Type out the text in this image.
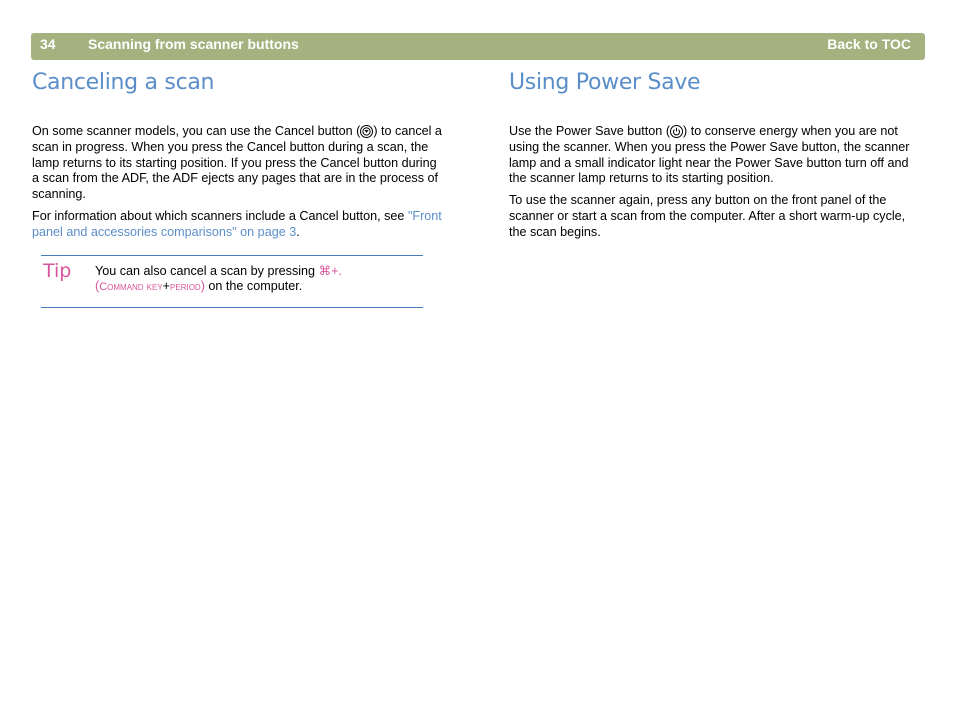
34 Scanning from scanner buttons	Back to TOC
Canceling a scan

On some scanner models, you can use the Cancel button ( ) to cancel a scan in progress. When you press the Cancel button during a scan, the lamp returns to its starting position. If you press the Cancel button during a scan from the ADF, the ADF ejects any pages that are in the process of scanning.

For information about which scanners include a Cancel button, see "Front panel and accessories comparisons" on page 3.

Tip You can also cancel a scan by pressing ⌘+.
(Command key+period) on the computer.
Using Power Save

Use the Power Save button ( ) to conserve energy when you are not using the scanner. When you press the Power Save button, the scanner lamp and a small indicator light near the Power Save button turn off and the scanner lamp returns to its starting position.

To use the scanner again, press any button on the front panel of the scanner or start a scan from the computer. After a short warm-up cycle, the scan begins.
